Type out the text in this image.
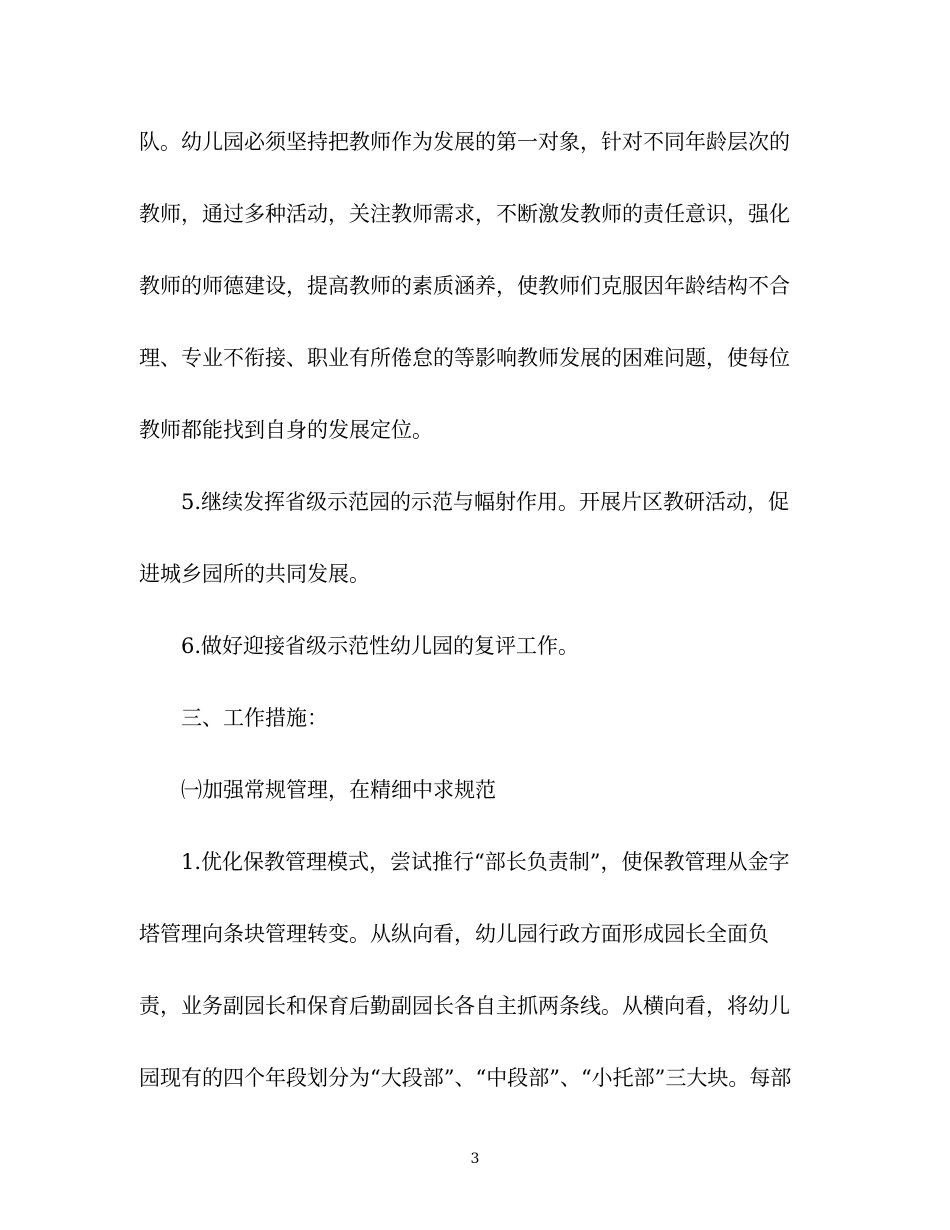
队。幼儿园必须坚持把教师作为发展的第一对象，针对不同年龄层次的
教师，通过多种活动，关注教师需求，不断激发教师的责任意识，强化
教师的师德建设，提高教师的素质涵养，使教师们克服因年龄结构不合
理、专业不衔接、职业有所倦怠的等影响教师发展的困难问题，使每位
教师都能找到自身的发展定位。
5.继续发挥省级示范园的示范与幅射作用。开展片区教研活动，促
进城乡园所的共同发展。
6.做好迎接省级示范性幼儿园的复评工作。
三、工作措施：
㈠加强常规管理，在精细中求规范
1.优化保教管理模式，尝试推行“部长负责制”，使保教管理从金字
塔管理向条块管理转变。从纵向看，幼儿园行政方面形成园长全面负
责，业务副园长和保育后勤副园长各自主抓两条线。从横向看，将幼儿
园现有的四个年段划分为“大段部”、“中段部”、“小托部”三大块。每部
3
